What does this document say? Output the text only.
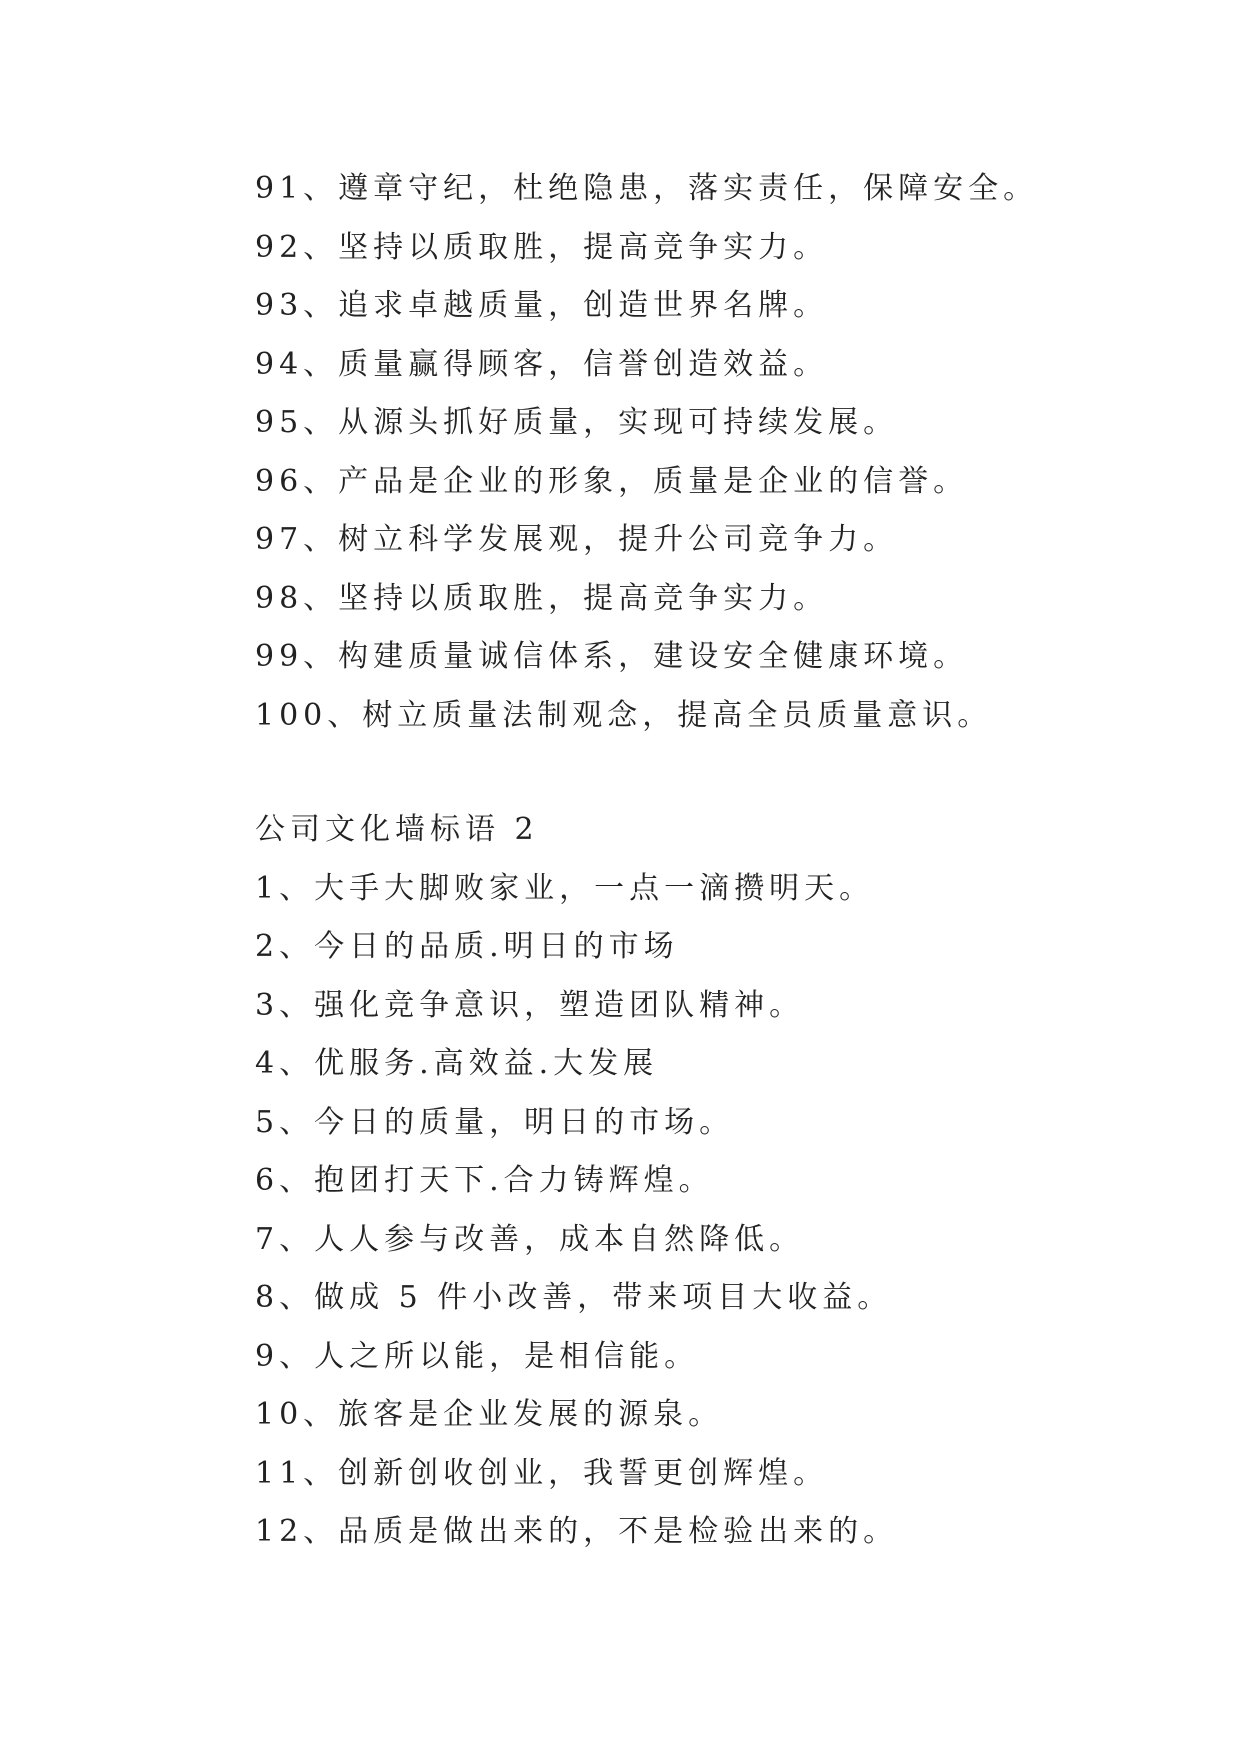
91、遵章守纪，杜绝隐患，落实责任，保障安全。
92、坚持以质取胜，提高竞争实力。
93、追求卓越质量，创造世界名牌。
94、质量赢得顾客，信誉创造效益。
95、从源头抓好质量，实现可持续发展。
96、产品是企业的形象，质量是企业的信誉。
97、树立科学发展观，提升公司竞争力。
98、坚持以质取胜，提高竞争实力。
99、构建质量诚信体系，建设安全健康环境。
100、树立质量法制观念，提高全员质量意识。
公司文化墙标语 2
1、大手大脚败家业，一点一滴攒明天。
2、今日的品质.明日的市场
3、强化竞争意识，塑造团队精神。
4、优服务.高效益.大发展
5、今日的质量，明日的市场。
6、抱团打天下.合力铸辉煌。
7、人人参与改善，成本自然降低。
8、做成 5 件小改善，带来项目大收益。
9、人之所以能，是相信能。
10、旅客是企业发展的源泉。
11、创新创收创业，我誓更创辉煌。
12、品质是做出来的，不是检验出来的。
